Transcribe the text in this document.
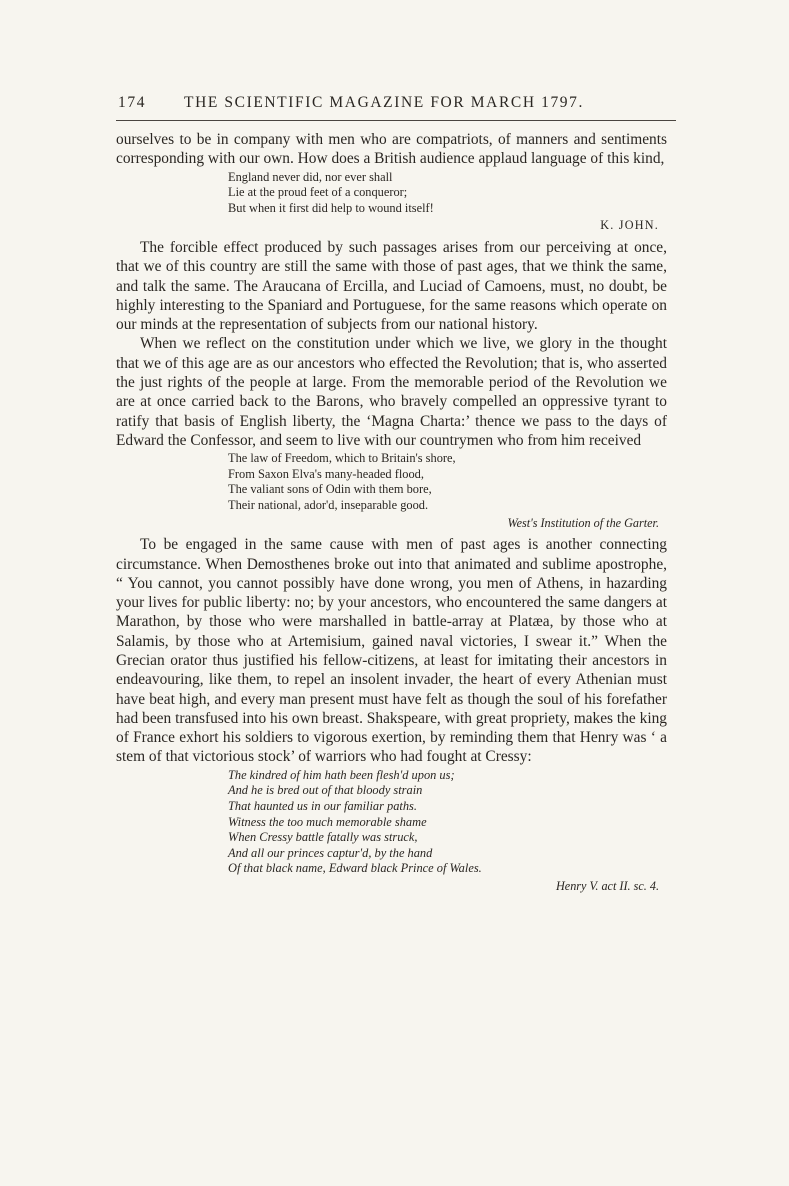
174 THE SCIENTIFIC MAGAZINE FOR MARCH 1797.

ourselves to be in company with men who are compatriots, of manners and sentiments corresponding with our own. How does a British audience applaud language of this kind,

England never did, nor ever shall
Lie at the proud feet of a conqueror;
But when it first did help to wound itself!
K. JOHN.

The forcible effect produced by such passages arises from our perceiving at once, that we of this country are still the same with those of past ages, that we think the same, and talk the same. The Araucana of Ercilla, and Luciad of Camoens, must, no doubt, be highly interesting to the Spaniard and Portuguese, for the same reasons which operate on our minds at the representation of subjects from our national history.

When we reflect on the constitution under which we live, we glory in the thought that we of this age are as our ancestors who effected the Revolution; that is, who asserted the just rights of the people at large. From the memorable period of the Revolution we are at once carried back to the Barons, who bravely compelled an oppressive tyrant to ratify that basis of English liberty, the ‘Magna Charta:’ thence we pass to the days of Edward the Confessor, and seem to live with our countrymen who from him received

The law of Freedom, which to Britain's shore,
From Saxon Elva's many-headed flood,
The valiant sons of Odin with them bore,
Their national, ador'd, inseparable good.
West's Institution of the Garter.

To be engaged in the same cause with men of past ages is another connecting circumstance. When Demosthenes broke out into that animated and sublime apostrophe, “ You cannot, you cannot possibly have done wrong, you men of Athens, in hazarding your lives for public liberty: no; by your ancestors, who encountered the same dangers at Marathon, by those who were marshalled in battle-array at Platæa, by those who at Salamis, by those who at Artemisium, gained naval victories, I swear it.” When the Grecian orator thus justified his fellow-citizens, at least for imitating their ancestors in endeavouring, like them, to repel an insolent invader, the heart of every Athenian must have beat high, and every man present must have felt as though the soul of his forefather had been transfused into his own breast. Shakspeare, with great propriety, makes the king of France exhort his soldiers to vigorous exertion, by reminding them that Henry was ‘ a stem of that victorious stock’ of warriors who had fought at Cressy:

The kindred of him hath been flesh'd upon us;
And he is bred out of that bloody strain
That haunted us in our familiar paths.
Witness the too much memorable shame
When Cressy battle fatally was struck,
And all our princes captur'd, by the hand
Of that black name, Edward black Prince of Wales.
Henry V. act II. sc. 4.
